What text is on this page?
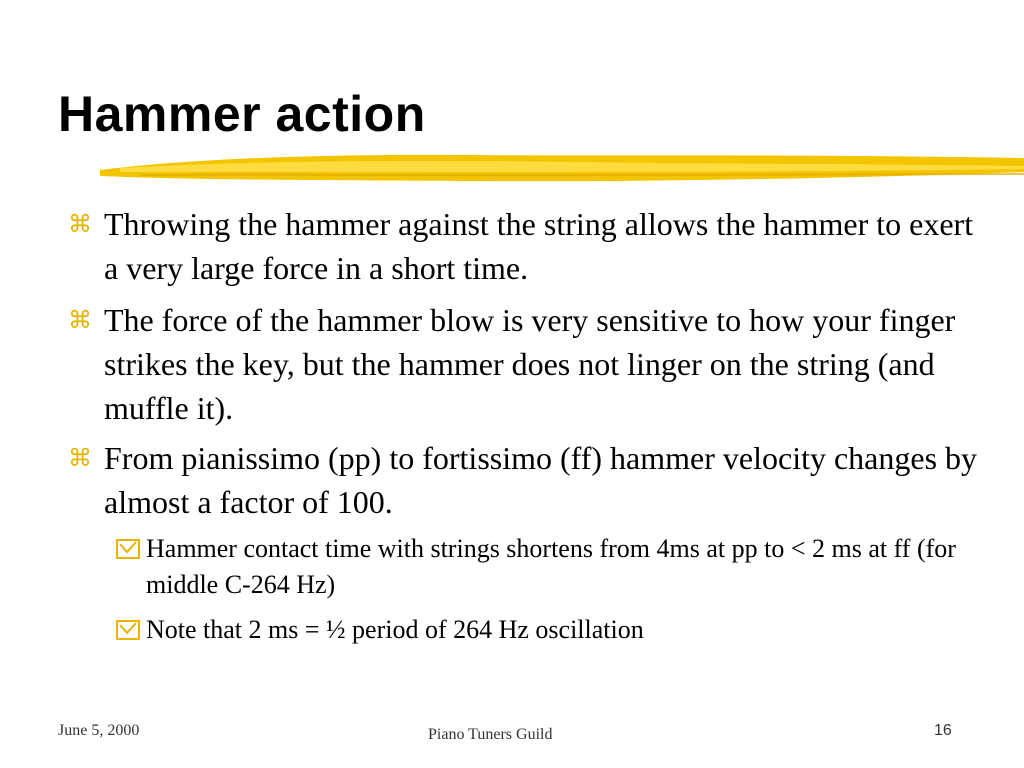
Hammer action

⌘ Throwing the hammer against the string allows the hammer to exert a very large force in a short time.

⌘ The force of the hammer blow is very sensitive to how your finger strikes the key, but the hammer does not linger on the string (and muffle it).

⌘ From pianissimo (pp) to fortissimo (ff) hammer velocity changes by almost a factor of 100.

Hammer contact time with strings shortens from 4ms at pp to < 2 ms at ff (for middle C-264 Hz)

Note that 2 ms = ½ period of 264 Hz oscillation

June 5, 2000	Piano Tuners Guild	16
